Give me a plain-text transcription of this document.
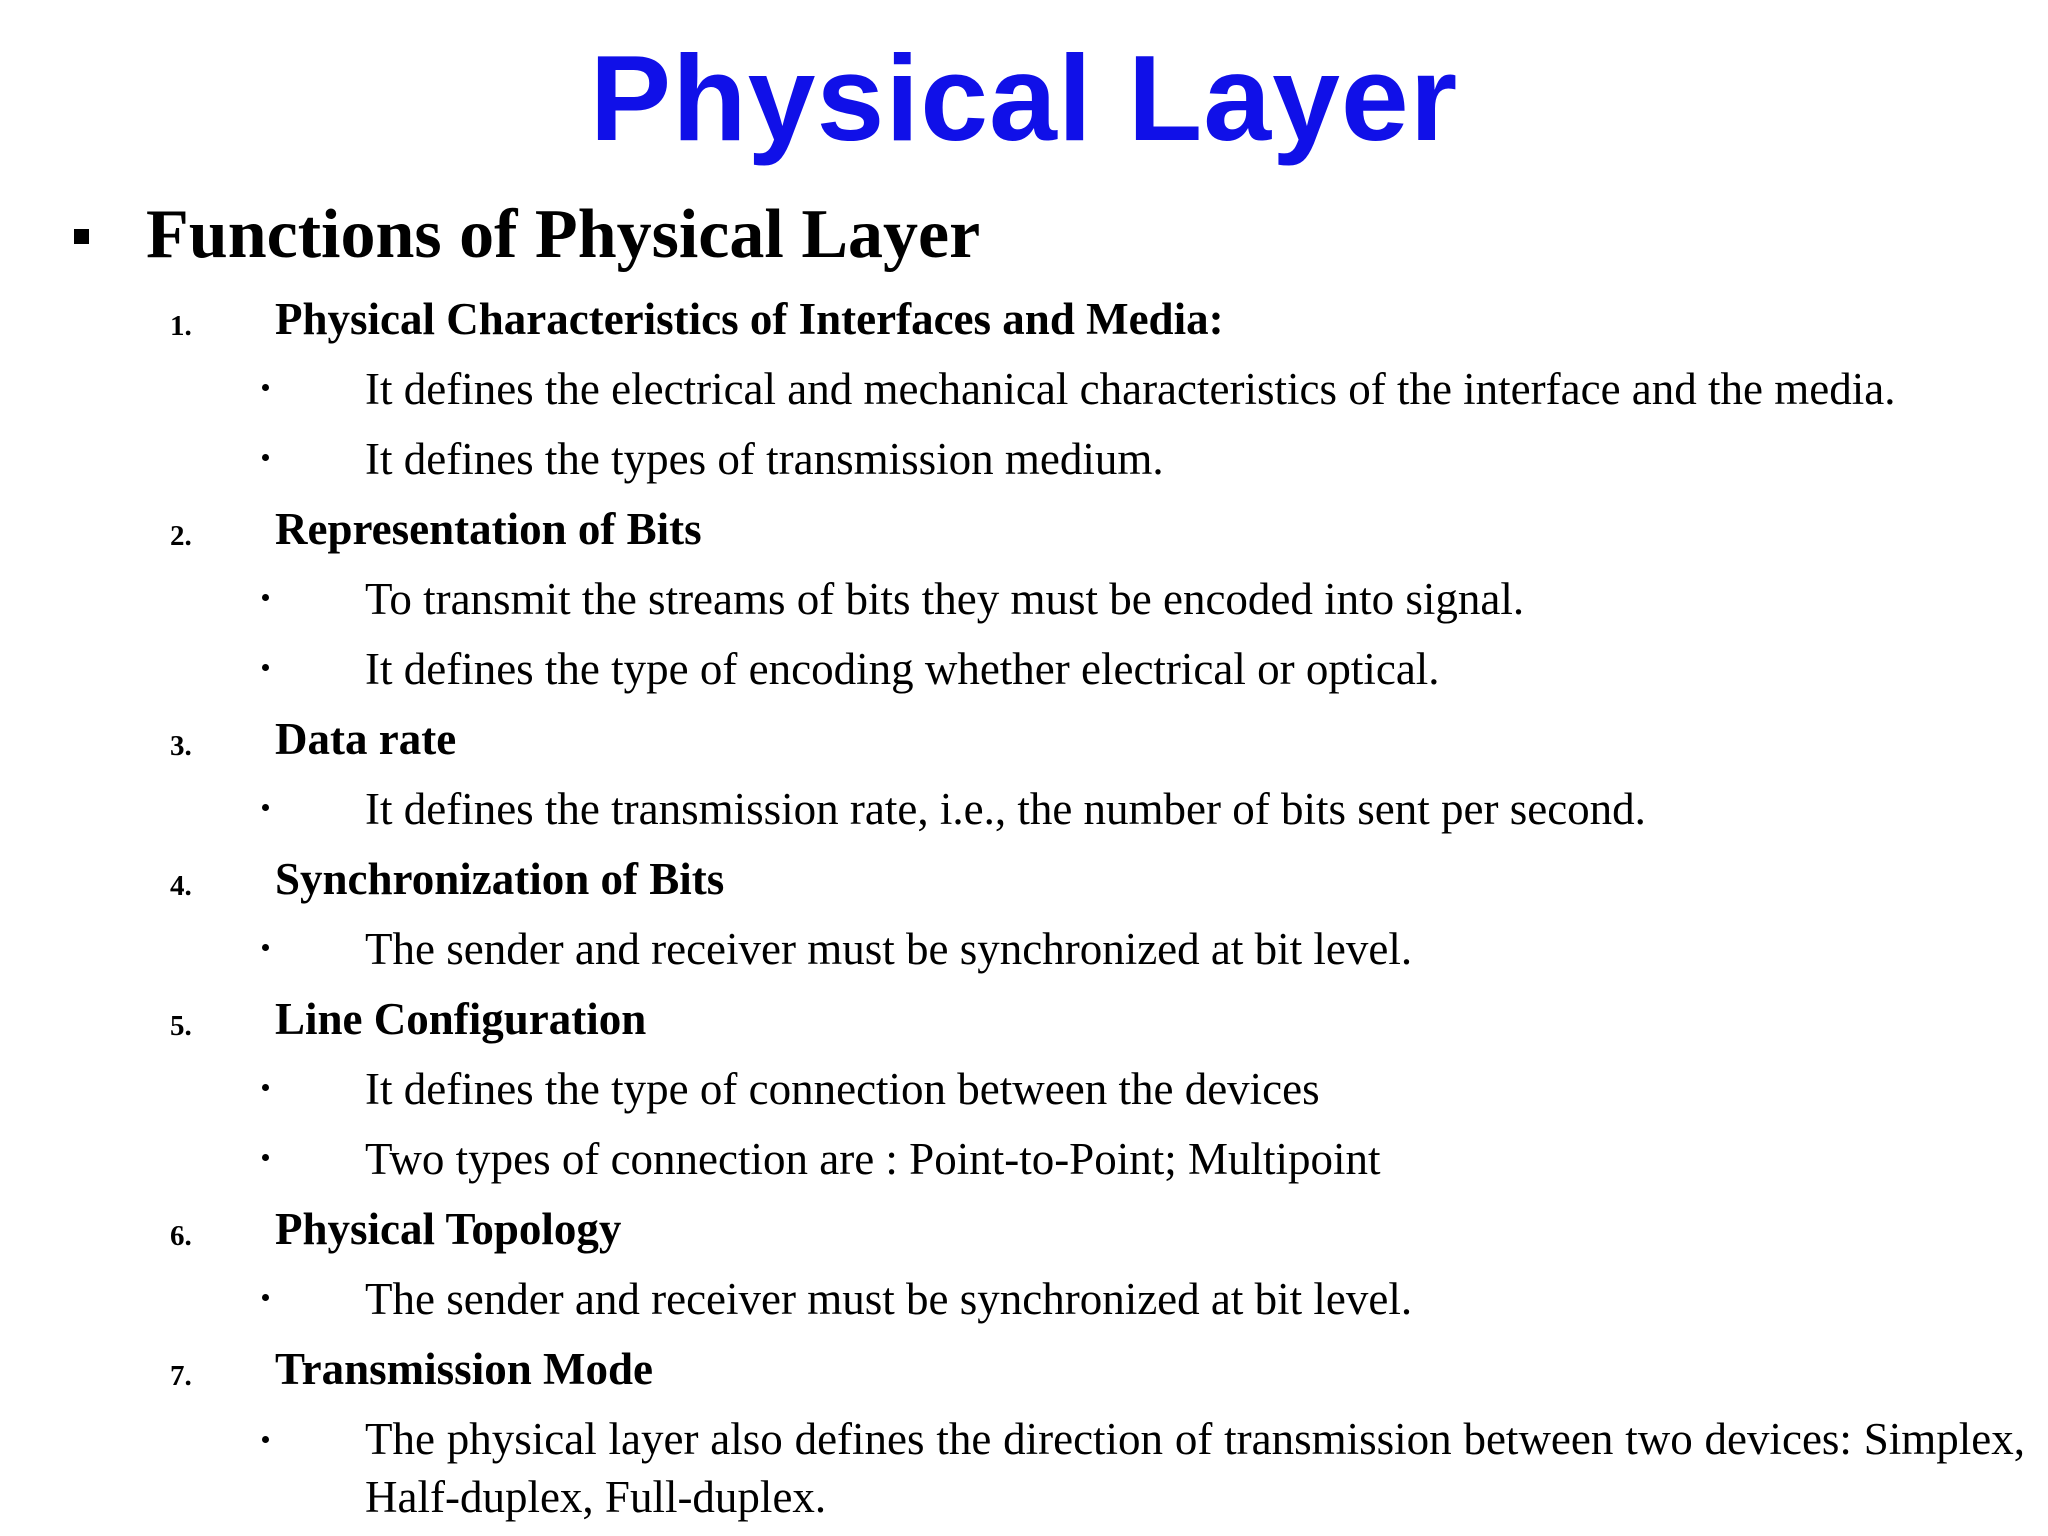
Physical Layer
Functions of Physical Layer
1. Physical Characteristics of Interfaces and Media:
It defines the electrical and mechanical characteristics of the interface and the media.
It defines the types of transmission medium.
2. Representation of Bits
To transmit the streams of bits they must be encoded into signal.
It defines the type of encoding whether electrical or optical.
3. Data rate
It defines the transmission rate, i.e., the number of bits sent per second.
4. Synchronization of Bits
The sender and receiver must be synchronized at bit level.
5. Line Configuration
It defines the type of connection between the devices
Two types of connection are : Point-to-Point; Multipoint
6. Physical Topology
The sender and receiver must be synchronized at bit level.
7. Transmission Mode
The physical layer also defines the direction of transmission between two devices: Simplex, Half-duplex, Full-duplex.
